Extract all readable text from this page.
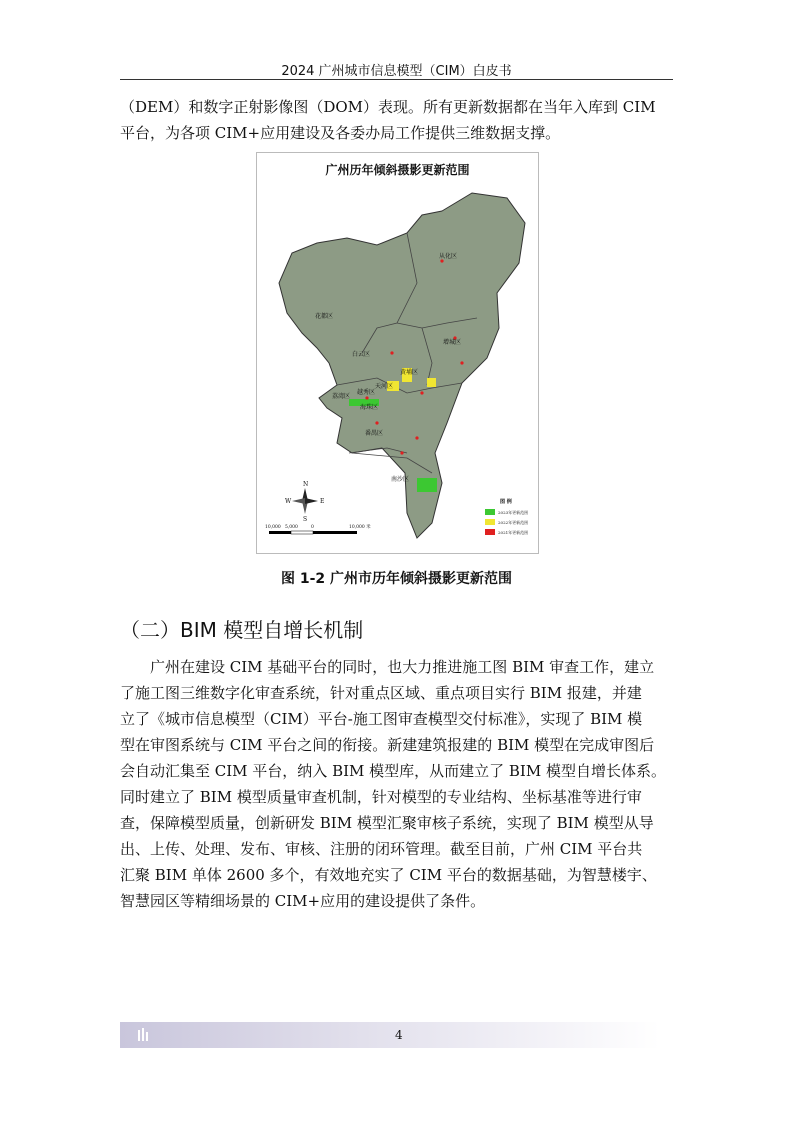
2024 广州城市信息模型（CIM）白皮书
（DEM）和数字正射影像图（DOM）表现。所有更新数据都在当年入库到 CIM
平台，为各项 CIM+应用建设及各委办局工作提供三维数据支撑。
广州历年倾斜摄影更新范围
从化区
花都区
增城区
白云区
黄埔区
天河区
荔湾区
越秀区
海珠区
番禺区
南沙区
N
S
W	E
10,000 5,000	0	10,000 米
图 例
2023年更新范围
2022年更新范围
2021年更新范围
图 1-2 广州市历年倾斜摄影更新范围
（二）BIM 模型自增长机制
　　广州在建设 CIM 基础平台的同时，也大力推进施工图 BIM 审查工作，建立
了施工图三维数字化审查系统，针对重点区域、重点项目实行 BIM 报建，并建
立了《城市信息模型（CIM）平台-施工图审查模型交付标准》，实现了 BIM 模
型在审图系统与 CIM 平台之间的衔接。新建建筑报建的 BIM 模型在完成审图后
会自动汇集至 CIM 平台，纳入 BIM 模型库，从而建立了 BIM 模型自增长体系。
同时建立了 BIM 模型质量审查机制，针对模型的专业结构、坐标基准等进行审
查，保障模型质量，创新研发 BIM 模型汇聚审核子系统，实现了 BIM 模型从导
出、上传、处理、发布、审核、注册的闭环管理。截至目前，广州 CIM 平台共
汇聚 BIM 单体 2600 多个，有效地充实了 CIM 平台的数据基础，为智慧楼宇、
智慧园区等精细场景的 CIM+应用的建设提供了条件。
4
